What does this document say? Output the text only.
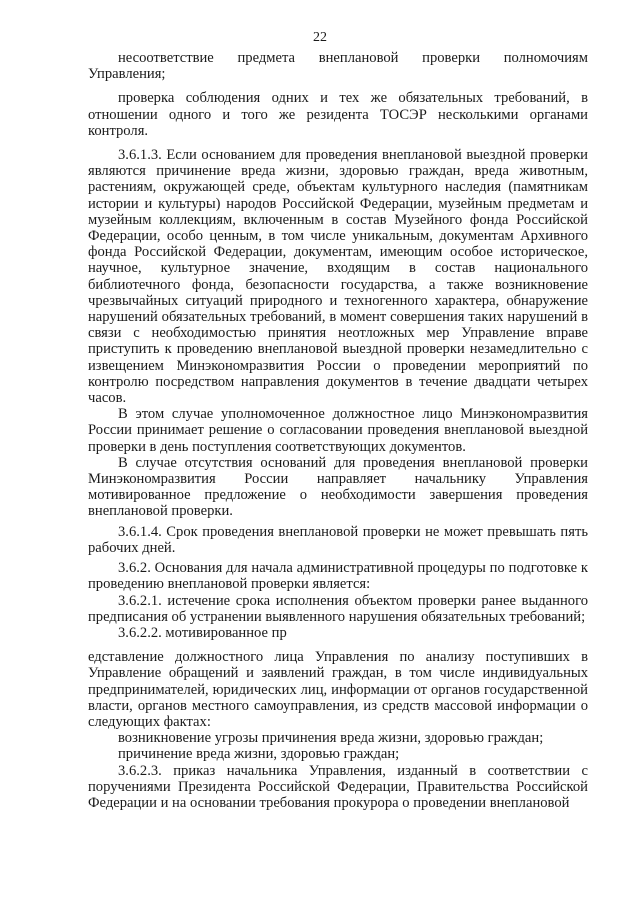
22

несоответствие предмета внеплановой проверки полномочиям Управления;

проверка соблюдения одних и тех же обязательных требований, в отношении одного и того же резидента ТОСЭР несколькими органами контроля.

3.6.1.3. Если основанием для проведения внеплановой выездной проверки являются причинение вреда жизни, здоровью граждан, вреда животным, растениям, окружающей среде, объектам культурного наследия (памятникам истории и культуры) народов Российской Федерации, музейным предметам и музейным коллекциям, включенным в состав Музейного фонда Российской Федерации, особо ценным, в том числе уникальным, документам Архивного фонда Российской Федерации, документам, имеющим особое историческое, научное, культурное значение, входящим в состав национального библиотечного фонда, безопасности государства, а также возникновение чрезвычайных ситуаций природного и техногенного характера, обнаружение нарушений обязательных требований, в момент совершения таких нарушений в связи с необходимостью принятия неотложных мер Управление вправе приступить к проведению внеплановой выездной проверки незамедлительно с извещением Минэкономразвития России о проведении мероприятий по контролю посредством направления документов в течение двадцати четырех часов.

В этом случае уполномоченное должностное лицо Минэкономразвития России принимает решение о согласовании проведения внеплановой выездной проверки в день поступления соответствующих документов.

В случае отсутствия оснований для проведения внеплановой проверки Минэкономразвития России направляет начальнику Управления мотивированное предложение о необходимости завершения проведения внеплановой проверки.

3.6.1.4. Срок проведения внеплановой проверки не может превышать пять рабочих дней.

3.6.2. Основания для начала административной процедуры по подготовке к проведению внеплановой проверки является:

3.6.2.1. истечение срока исполнения объектом проверки ранее выданного предписания об устранении выявленного нарушения обязательных требований;

3.6.2.2. мотивированное пр

едставление должностного лица Управления по анализу поступивших в Управление обращений и заявлений граждан, в том числе индивидуальных предпринимателей, юридических лиц, информации от органов государственной власти, органов местного самоуправления, из средств массовой информации о следующих фактах:

возникновение угрозы причинения вреда жизни, здоровью граждан;

причинение вреда жизни, здоровью граждан;

3.6.2.3. приказ начальника Управления, изданный в соответствии с поручениями Президента Российской Федерации, Правительства Российской Федерации и на основании требования прокурора о проведении внеплановой
